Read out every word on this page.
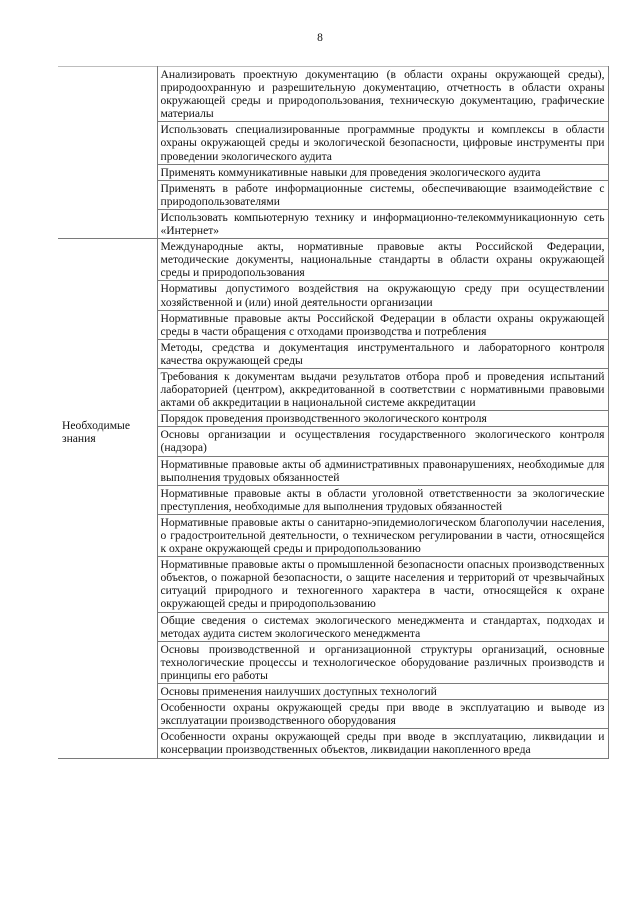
8
	Анализировать проектную документацию (в области охраны окружающей среды), природоохранную и разрешительную документацию, отчетность в области охраны окружающей среды и природопользования, техническую документацию, графические материалы
	Использовать специализированные программные продукты и комплексы в области охраны окружающей среды и экологической безопасности, цифровые инструменты при проведении экологического аудита
	Применять коммуникативные навыки для проведения экологического аудита
	Применять в работе информационные системы, обеспечивающие взаимодействие с природопользователями
	Использовать компьютерную технику и информационно-телекоммуникационную сеть «Интернет»
Необходимые знания	Международные акты, нормативные правовые акты Российской Федерации, методические документы, национальные стандарты в области охраны окружающей среды и природопользования
	Нормативы допустимого воздействия на окружающую среду при осуществлении хозяйственной и (или) иной деятельности организации
	Нормативные правовые акты Российской Федерации в области охраны окружающей среды в части обращения с отходами производства и потребления
	Методы, средства и документация инструментального и лабораторного контроля качества окружающей среды
	Требования к документам выдачи результатов отбора проб и проведения испытаний лабораторией (центром), аккредитованной в соответствии с нормативными правовыми актами об аккредитации в национальной системе аккредитации
	Порядок проведения производственного экологического контроля
	Основы организации и осуществления государственного экологического контроля (надзора)
	Нормативные правовые акты об административных правонарушениях, необходимые для выполнения трудовых обязанностей
	Нормативные правовые акты в области уголовной ответственности за экологические преступления, необходимые для выполнения трудовых обязанностей
	Нормативные правовые акты о санитарно-эпидемиологическом благополучии населения, о градостроительной деятельности, о техническом регулировании в части, относящейся к охране окружающей среды и природопользованию
	Нормативные правовые акты о промышленной безопасности опасных производственных объектов, о пожарной безопасности, о защите населения и территорий от чрезвычайных ситуаций природного и техногенного характера в части, относящейся к охране окружающей среды и природопользованию
	Общие сведения о системах экологического менеджмента и стандартах, подходах и методах аудита систем экологического менеджмента
	Основы производственной и организационной структуры организаций, основные технологические процессы и технологическое оборудование различных производств и принципы его работы
	Основы применения наилучших доступных технологий
	Особенности охраны окружающей среды при вводе в эксплуатацию и выводе из эксплуатации производственного оборудования
	Особенности охраны окружающей среды при вводе в эксплуатацию, ликвидации и консервации производственных объектов, ликвидации накопленного вреда
